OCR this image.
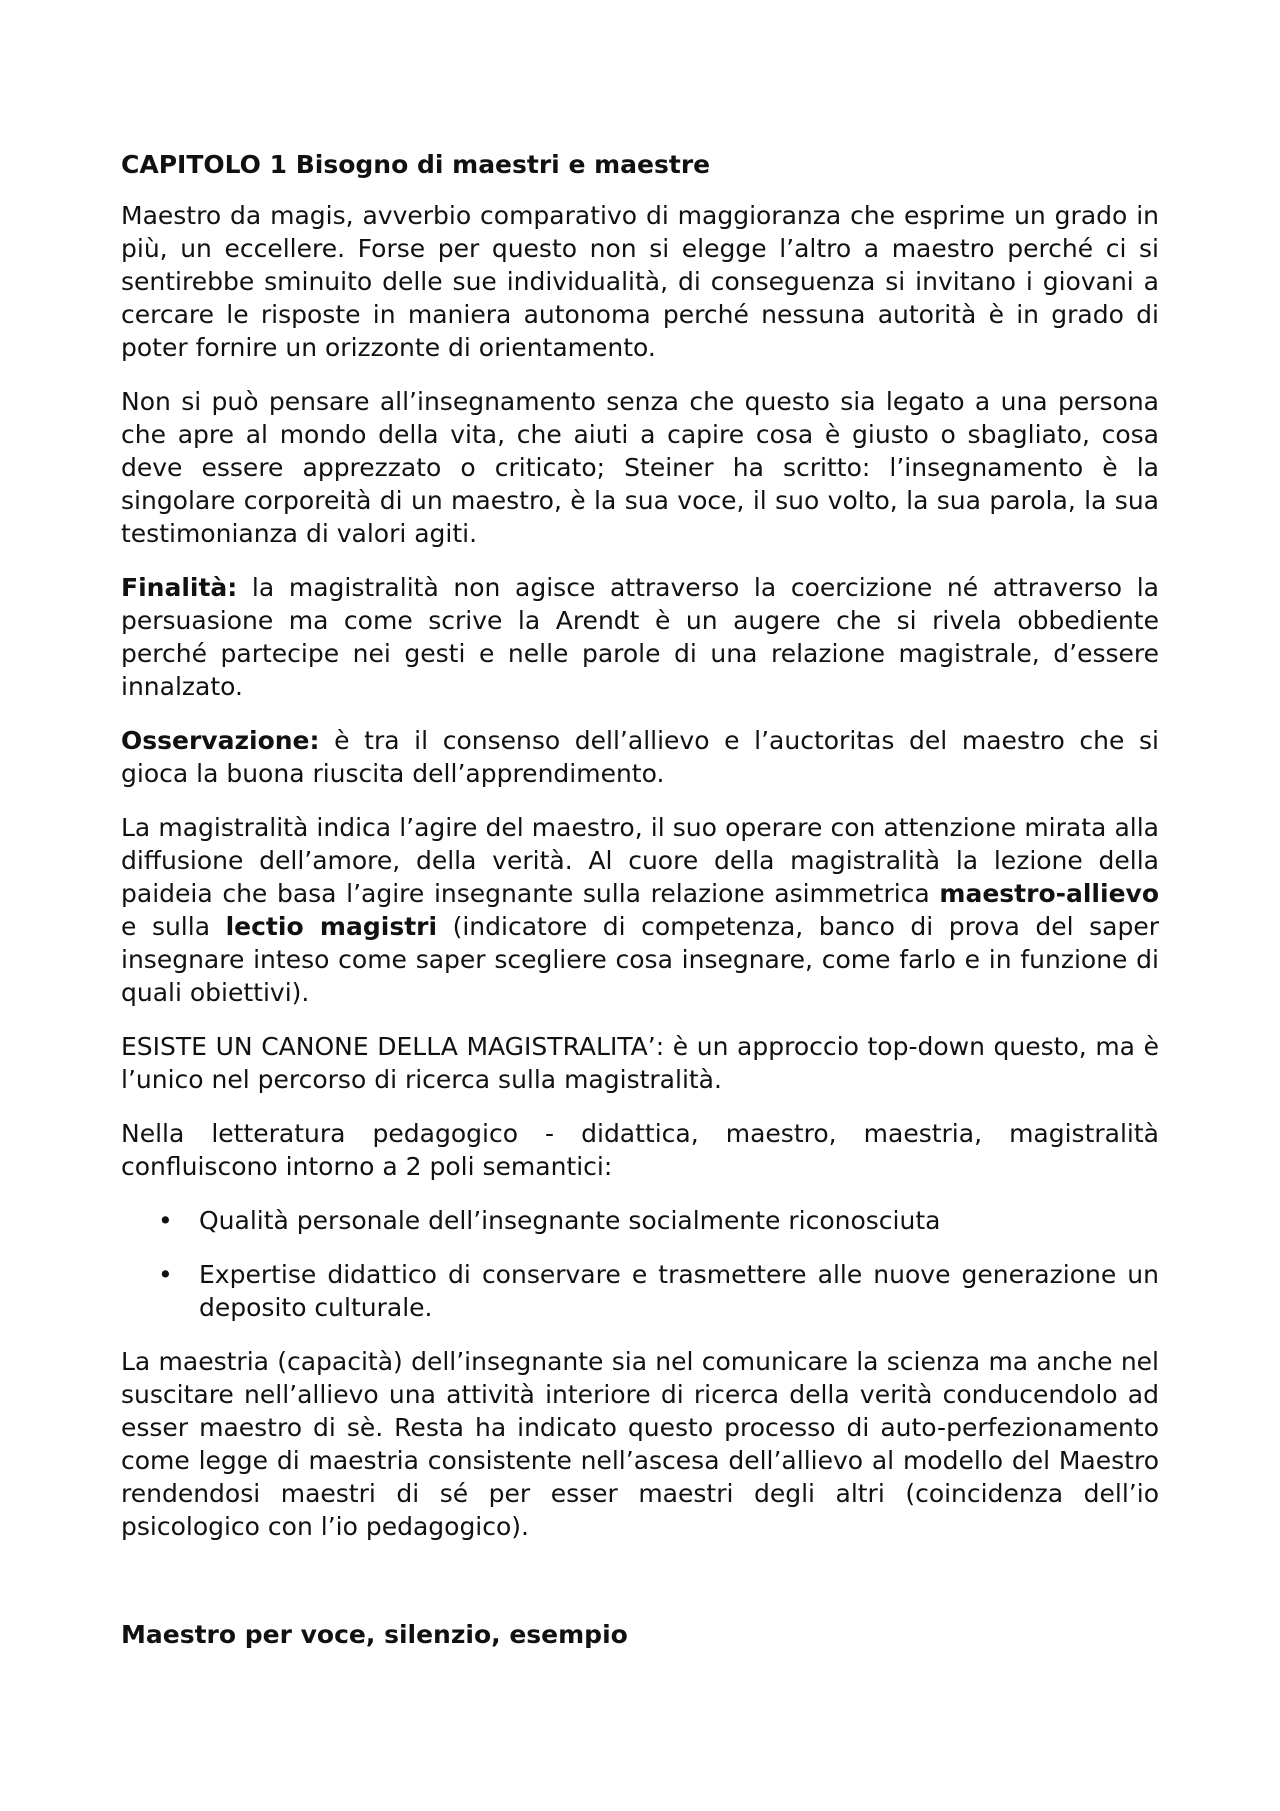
CAPITOLO 1 Bisogno di maestri e maestre

Maestro da magis, avverbio comparativo di maggioranza che esprime un grado in più, un eccellere. Forse per questo non si elegge l’altro a maestro perché ci si sentirebbe sminuito delle sue individualità, di conseguenza si invitano i giovani a cercare le risposte in maniera autonoma perché nessuna autorità è in grado di poter fornire un orizzonte di orientamento.

Non si può pensare all’insegnamento senza che questo sia legato a una persona che apre al mondo della vita, che aiuti a capire cosa è giusto o sbagliato, cosa deve essere apprezzato o criticato; Steiner ha scritto: l’insegnamento è la singolare corporeità di un maestro, è la sua voce, il suo volto, la sua parola, la sua testimonianza di valori agiti.

Finalità: la magistralità non agisce attraverso la coercizione né attraverso la persuasione ma come scrive la Arendt è un augere che si rivela obbediente perché partecipe nei gesti e nelle parole di una relazione magistrale, d’essere innalzato.

Osservazione: è tra il consenso dell’allievo e l’auctoritas del maestro che si gioca la buona riuscita dell’apprendimento.

La magistralità indica l’agire del maestro, il suo operare con attenzione mirata alla diffusione dell’amore, della verità. Al cuore della magistralità la lezione della paideia che basa l’agire insegnante sulla relazione asimmetrica maestro-allievo e sulla lectio magistri (indicatore di competenza, banco di prova del saper insegnare inteso come saper scegliere cosa insegnare, come farlo e in funzione di quali obiettivi).

ESISTE UN CANONE DELLA MAGISTRALITA’: è un approccio top-down questo, ma è l’unico nel percorso di ricerca sulla magistralità.

Nella letteratura pedagogico - didattica, maestro, maestria, magistralità confluiscono intorno a 2 poli semantici:

• Qualità personale dell’insegnante socialmente riconosciuta
• Expertise didattico di conservare e trasmettere alle nuove generazione un deposito culturale.

La maestria (capacità) dell’insegnante sia nel comunicare la scienza ma anche nel suscitare nell’allievo una attività interiore di ricerca della verità conducendolo ad esser maestro di sè. Resta ha indicato questo processo di auto-perfezionamento come legge di maestria consistente nell’ascesa dell’allievo al modello del Maestro rendendosi maestri di sé per esser maestri degli altri (coincidenza dell’io psicologico con l’io pedagogico).

Maestro per voce, silenzio, esempio
